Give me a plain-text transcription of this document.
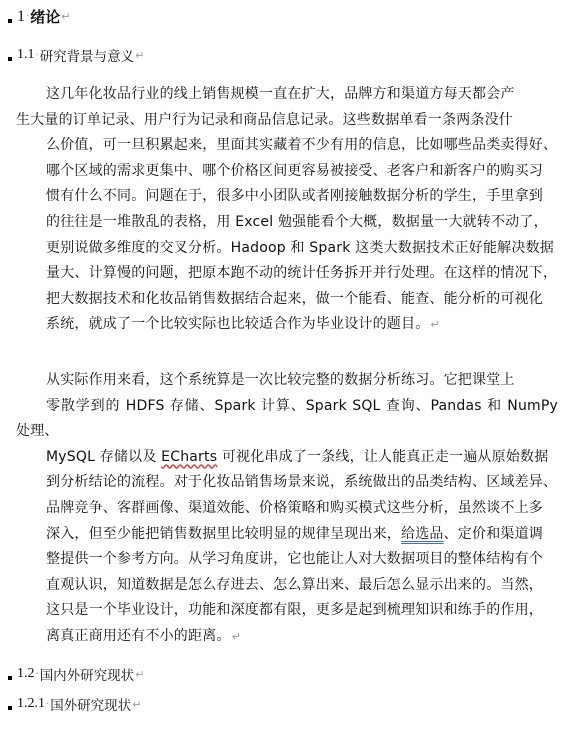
1 · 绪论 ↵
1.1 · 研究背景与意义 ↵
这几年化妆品行业的线上销售规模一直在扩大，品牌方和渠道方每天都会产
生大量的订单记录、用户行为记录和商品信息记录。这些数据单看一条两条没什
么价值，可一旦积累起来，里面其实藏着不少有用的信息，比如哪些品类卖得好、
哪个区域的需求更集中、哪个价格区间更容易被接受、老客户和新客户的购买习
惯有什么不同。问题在于，很多中小团队或者刚接触数据分析的学生，手里拿到
的往往是一堆散乱的表格，用 Excel 勉强能看个大概，数据量一大就转不动了，
更别说做多维度的交叉分析。Hadoop 和 Spark 这类大数据技术正好能解决数据
量大、计算慢的问题，把原本跑不动的统计任务拆开并行处理。在这样的情况下，
把大数据技术和化妆品销售数据结合起来，做一个能看、能查、能分析的可视化
系统，就成了一个比较实际也比较适合作为毕业设计的题目。↵
从实际作用来看，这个系统算是一次比较完整的数据分析练习。它把课堂上
零散学到的 HDFS 存储、Spark 计算、Spark SQL 查询、Pandas 和 NumPy 处理、
MySQL 存储以及 ECharts 可视化串成了一条线，让人能真正走一遍从原始数据
到分析结论的流程。对于化妆品销售场景来说，系统做出的品类结构、区域差异、
品牌竞争、客群画像、渠道效能、价格策略和购买模式这些分析，虽然谈不上多
深入，但至少能把销售数据里比较明显的规律呈现出来，给选品、定价和渠道调
整提供一个参考方向。从学习角度讲，它也能让人对大数据项目的整体结构有个
直观认识，知道数据是怎么存进去、怎么算出来、最后怎么显示出来的。当然，
这只是一个毕业设计，功能和深度都有限，更多是起到梳理知识和练手的作用，
离真正商用还有不小的距离。↵
1.2 · 国内外研究现状 ↵
1.2.1 · 国外研究现状 ↵
